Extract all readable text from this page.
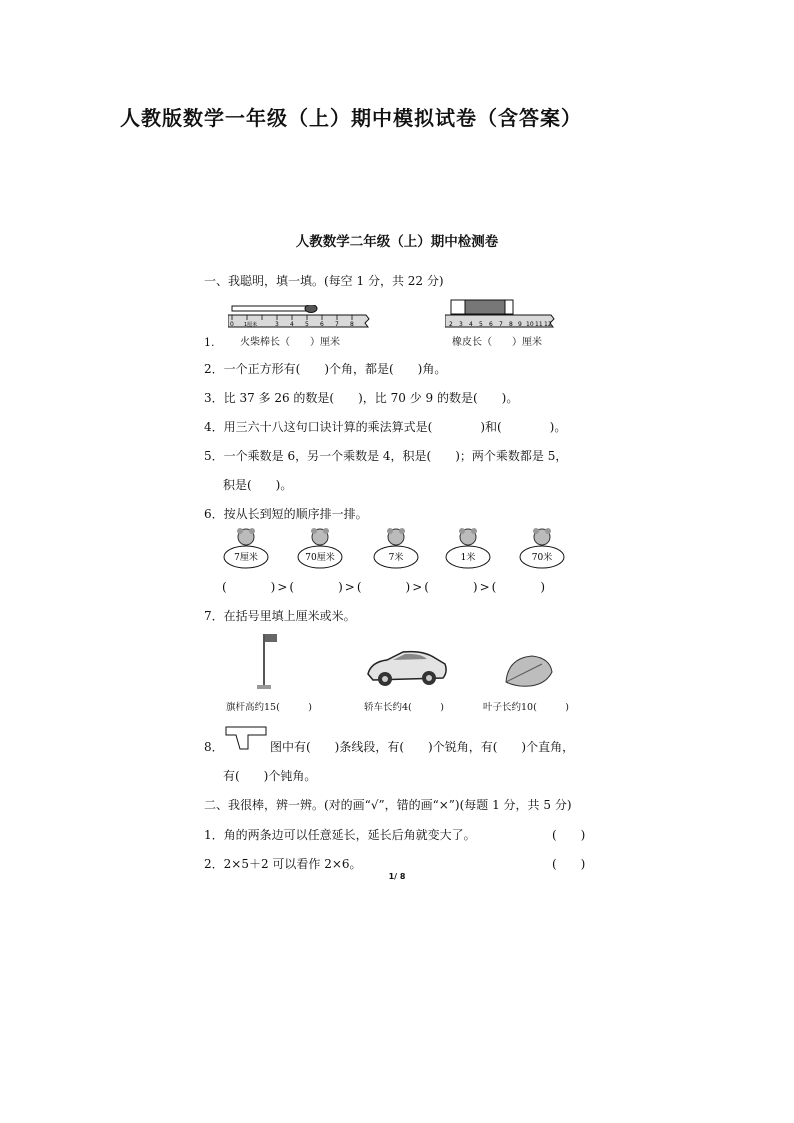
人教版数学一年级（上）期中模拟试卷（含答案）
人教数学二年级（上）期中检测卷
一、我聪明，填一填。(每空 1 分，共 22 分)
0 1厘米	3 4 5 6 7 8	2 3 4 5 6 7 8 9 10 11 12
1.	火柴棒长（　　）厘米	橡皮长（　　）厘米
2．一个正方形有(　　)个角，都是(　　)角。
3．比 37 多 26 的数是(　　)，比 70 少 9 的数是(　　)。
4．用三六十八这句口诀计算的乘法算式是(　　　　)和(　　　　)。
5．一个乘数是 6，另一个乘数是 4，积是(　　)；两个乘数都是 5，
积是(　　)。
6．按从长到短的顺序排一排。
7厘米	70厘米	7米	1米	70米
(　　　)>(　　　)>(　　　)>(　　　)>(　　　)
7．在括号里填上厘米或米。
旗杆高约15(　　　)	轿车长约4(　　　)	叶子长约10(　　　)
8．	图中有(　　)条线段，有(　　)个锐角，有(　　)个直角，
有(　　)个钝角。
二、我很棒，辨一辨。(对的画“√”，错的画“×”)(每题 1 分，共 5 分)
1．角的两条边可以任意延长，延长后角就变大了。	(　　)
2．2×5＋2 可以看作 2×6。	(　　)
1/ 8
